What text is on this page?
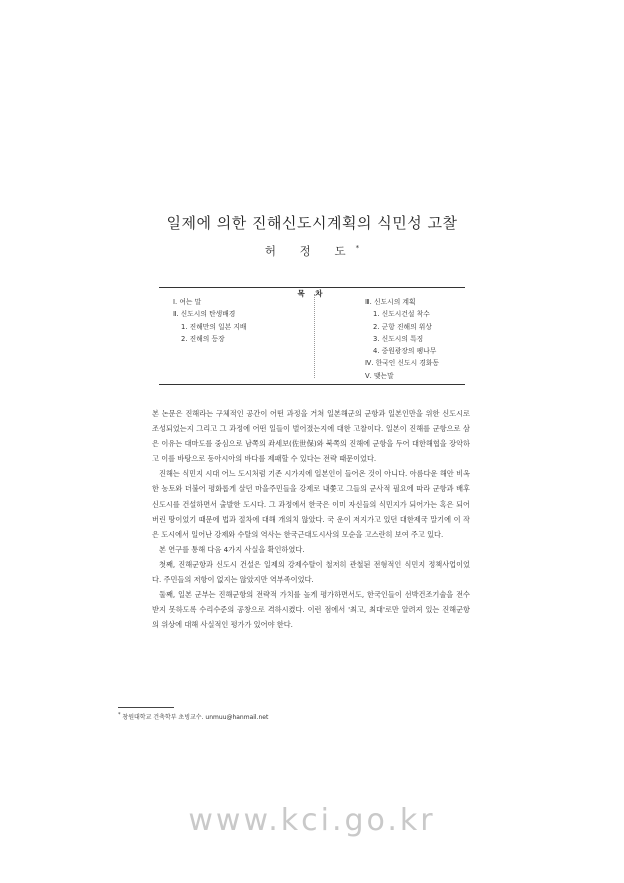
일제에 의한 진해신도시계획의 식민성 고찰
허 정 도*
목 차
Ⅰ. 여는 말
Ⅱ. 신도시의 탄생배경
1. 진해만의 일본 지배
2. 진해의 등장
Ⅲ. 신도시의 계획
1. 신도시건설 착수
2. 군항 진해의 위상
3. 신도시의 특징
4. 중원광장의 팽나무
Ⅳ. 한국인 신도시 경화동
Ⅴ. 맺는말

본 논문은 진해라는 구체적인 공간이 어떤 과정을 거쳐 일본해군의 군항과 일본인만을 위한 신도시로 조성되었는지 그리고 그 과정에 어떤 일들이 벌어졌는지에 대한 고찰이다. 일본이 진해를 군항으로 삼은 이유는 대마도를 중심으로 남쪽의 좌세보(佐世保)와 북쪽의 진해에 군항을 두어 대한해협을 장악하고 이를 바탕으로 동아시아의 바다를 제패할 수 있다는 전략 때문이었다.

진해는 식민지 시대 어느 도시처럼 기존 시가지에 일본인이 들어온 것이 아니다. 아름다운 해안 비옥한 농토와 더불어 평화롭게 살던 마을주민들을 강제로 내쫓고 그들의 군사적 필요에 따라 군항과 배후신도시를 건설하면서 출발한 도시다. 그 과정에서 한국은 이미 자신들의 식민지가 되어가는 혹은 되어 버린 땅이었기 때문에 법과 절차에 대해 개의치 않았다. 국 운이 저지가고 있던 대한제국 말기에 이 작은 도시에서 일어난 강제와 수탈의 역사는 한국근대도시사의 모순을 고스란히 보여 주고 있다.

본 연구를 통해 다음 4가지 사실을 확인하였다.

첫째, 진해군항과 신도시 건설은 일제의 강제수탈이 철저히 관철된 전형적인 식민지 정책사업이었다. 주민들의 저항이 없지는 않았지만 역부족이었다.

둘째, 일본 군부는 진해군항의 전략적 가치를 높게 평가하면서도, 한국인들이 선박건조기술을 전수받지 못하도록 수리수준의 공창으로 격하시켰다. 이런 점에서 '최고, 최대'로만 알려져 있는 진해군항의 위상에 대해 사실적인 평가가 있어야 한다.

* 창원대학교 건축학부 초빙교수. unmuu@hanmail.net
www.kci.go.kr
